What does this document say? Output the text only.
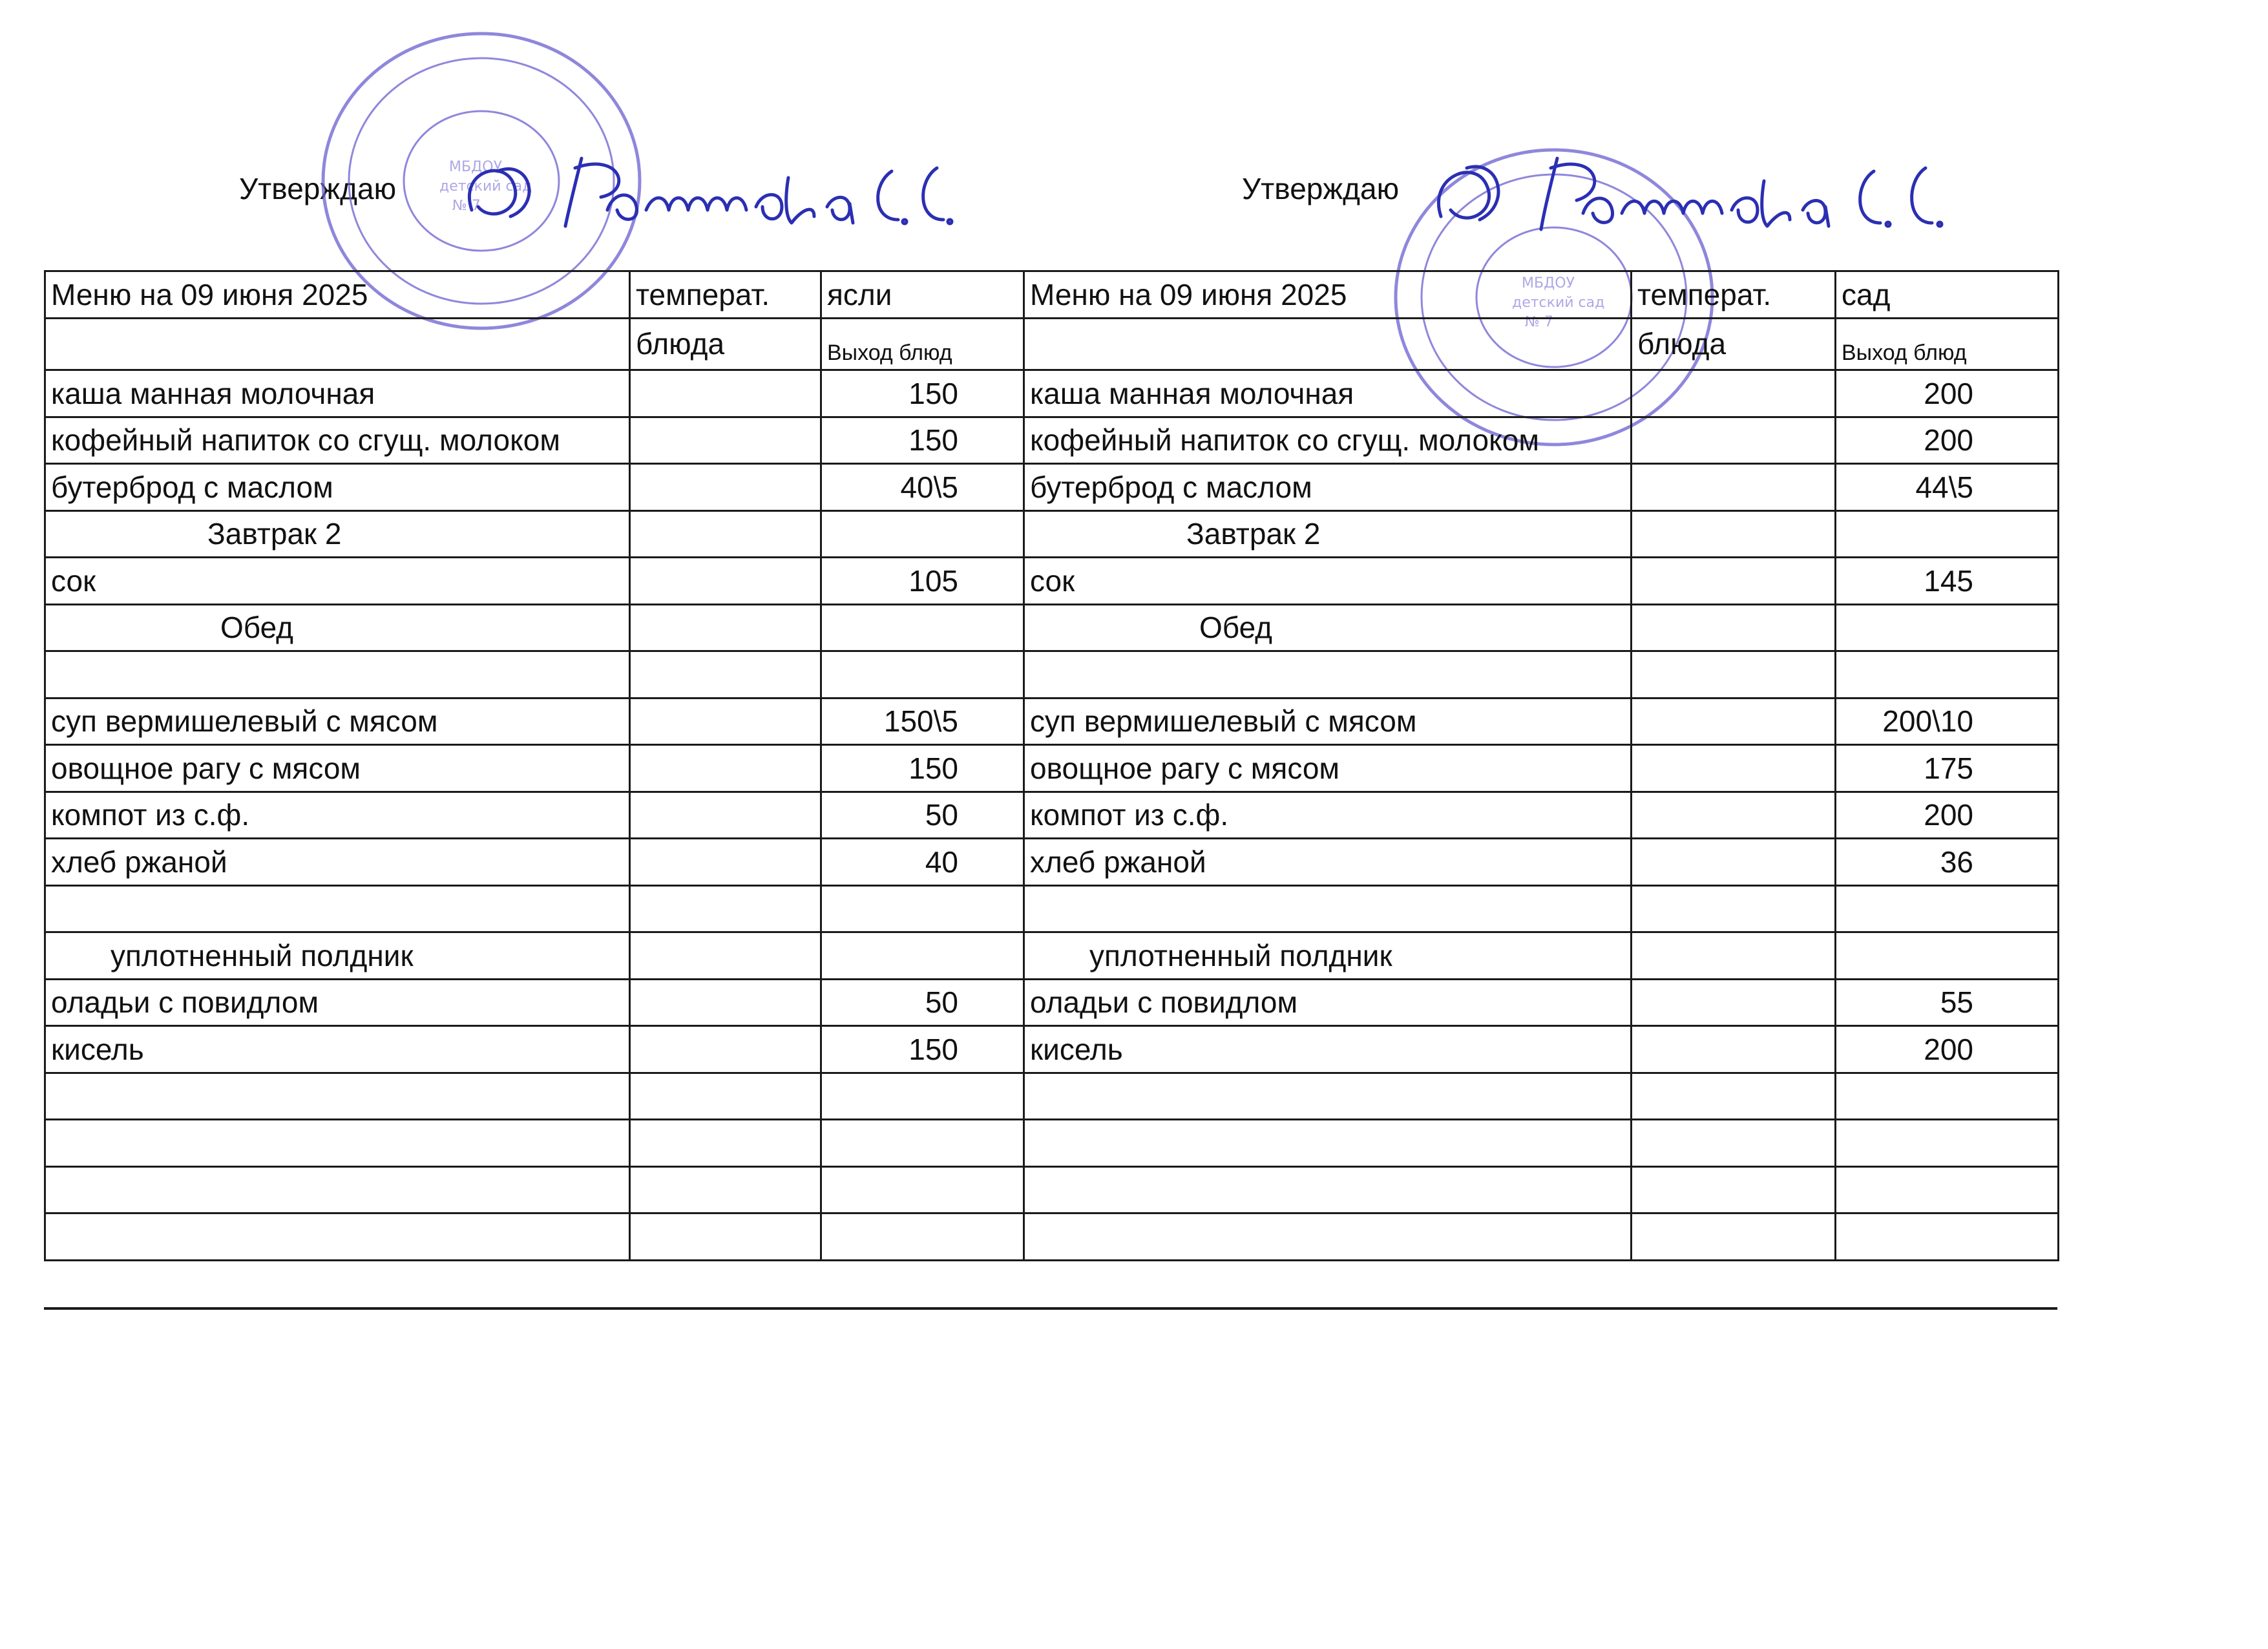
Утверждаю	Утверждаю
МБДОУ
детский сад
№ 7
МБДОУ
детский сад
№ 7
Меню на 09 июня 2025	температ.	ясли	Меню на 09 июня 2025	температ.	сад
	блюда	Выход блюд		блюда	Выход блюд
каша манная молочная		150	каша манная молочная		200
кофейный напиток со сгущ. молоком		150	кофейный напиток со сгущ. молоком		200
бутерброд с маслом		40\5	бутерброд с маслом		44\5
Завтрак 2			Завтрак 2		
сок		105	сок		145
Обед			Обед		

суп вермишелевый с мясом		150\5	суп вермишелевый с мясом		200\10
овощное рагу с мясом		150	овощное рагу с мясом		175
компот из с.ф.		50	компот из с.ф.		200
хлеб ржаной		40	хлеб ржаной		36

уплотненный полдник			уплотненный полдник		
оладьи с повидлом		50	оладьи с повидлом		55
кисель		150	кисель		200
